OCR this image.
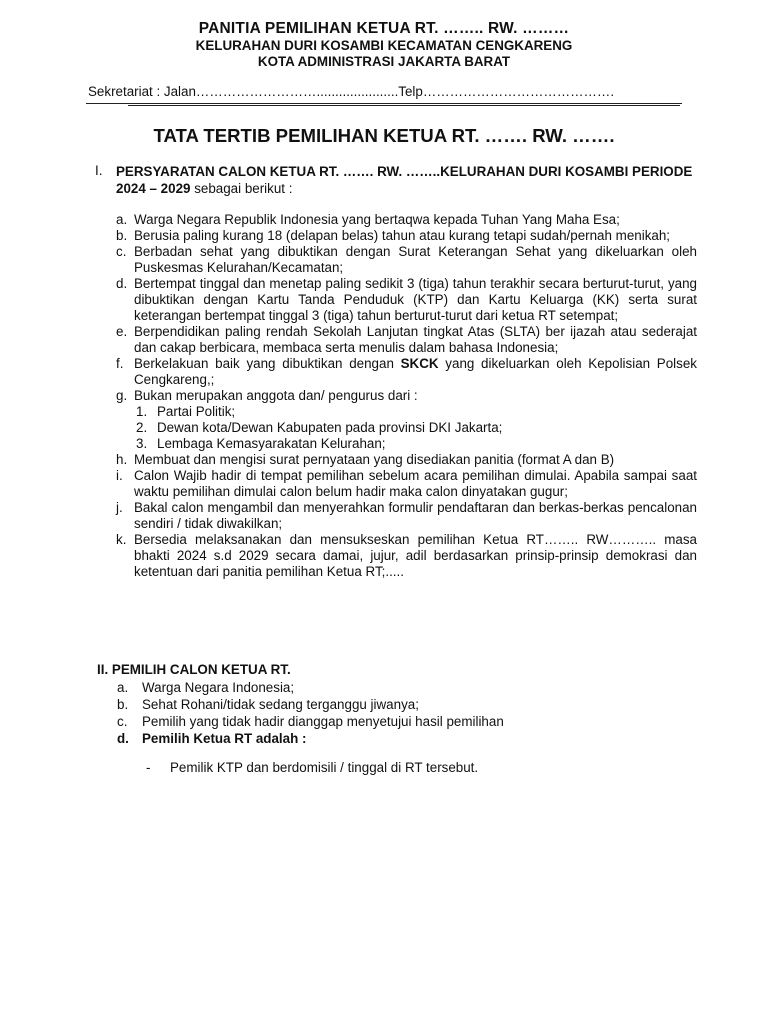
PANITIA PEMILIHAN KETUA RT. …….. RW. ………
KELURAHAN DURI KOSAMBI KECAMATAN CENGKARENG
KOTA ADMINISTRASI JAKARTA BARAT
Sekretariat : Jalan………………………......................Telp…………………………………….
TATA TERTIB PEMILIHAN KETUA RT. ……. RW. …….
I. PERSYARATAN CALON KETUA RT. ……. RW. ……..KELURAHAN DURI KOSAMBI PERIODE 2024 – 2029 sebagai berikut :
a. Warga Negara Republik Indonesia yang bertaqwa kepada Tuhan Yang Maha Esa;
b. Berusia paling kurang 18 (delapan belas) tahun atau kurang tetapi sudah/pernah menikah;
c. Berbadan sehat yang dibuktikan dengan Surat Keterangan Sehat yang dikeluarkan oleh Puskesmas Kelurahan/Kecamatan;
d. Bertempat tinggal dan menetap paling sedikit 3 (tiga) tahun terakhir secara berturut-turut, yang dibuktikan dengan Kartu Tanda Penduduk (KTP) dan Kartu Keluarga (KK) serta surat keterangan bertempat tinggal 3 (tiga) tahun berturut-turut dari ketua RT setempat;
e. Berpendidikan paling rendah Sekolah Lanjutan tingkat Atas (SLTA) ber ijazah atau sederajat dan cakap berbicara, membaca serta menulis dalam bahasa Indonesia;
f. Berkelakuan baik yang dibuktikan dengan SKCK yang dikeluarkan oleh Kepolisian Polsek Cengkareng,;
g. Bukan merupakan anggota dan/ pengurus dari :
1. Partai Politik;
2. Dewan kota/Dewan Kabupaten pada provinsi DKI Jakarta;
3. Lembaga Kemasyarakatan Kelurahan;
h. Membuat dan mengisi surat pernyataan yang disediakan panitia (format A dan B)
i. Calon Wajib hadir di tempat pemilihan sebelum acara pemilihan dimulai. Apabila sampai saat waktu pemilihan dimulai calon belum hadir maka calon dinyatakan gugur;
j. Bakal calon mengambil dan menyerahkan formulir pendaftaran dan berkas-berkas pencalonan sendiri / tidak diwakilkan;
k. Bersedia melaksanakan dan mensukseskan pemilihan Ketua RT…….. RW……….. masa bhakti 2024 s.d 2029 secara damai, jujur, adil berdasarkan prinsip-prinsip demokrasi dan ketentuan dari panitia pemilihan Ketua RT;.....
II. PEMILIH CALON KETUA RT.
a. Warga Negara Indonesia;
b. Sehat Rohani/tidak sedang terganggu jiwanya;
c. Pemilih yang tidak hadir dianggap menyetujui hasil pemilihan
d. Pemilih Ketua RT adalah :
- Pemilik KTP dan berdomisili / tinggal di RT tersebut.
